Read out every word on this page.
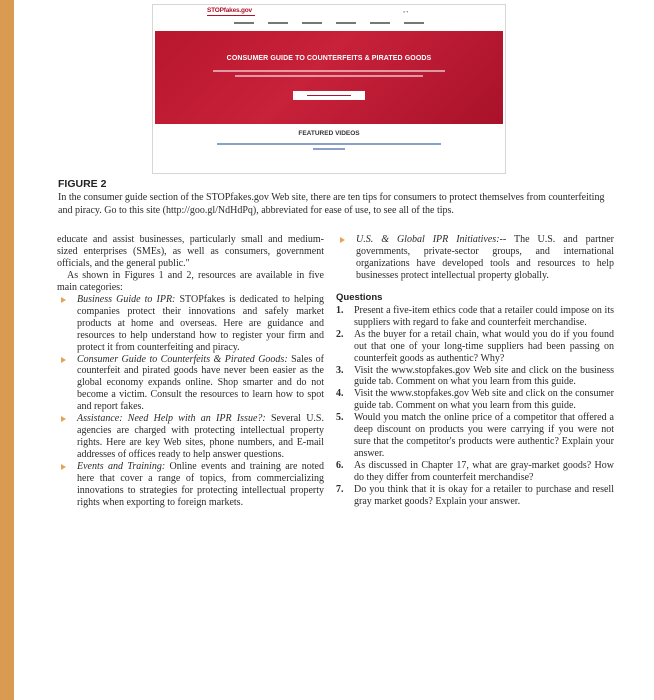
STOPfakes.gov	⌕ ▾
CONSUMER GUIDE TO COUNTERFEITS & PIRATED GOODS
FEATURED VIDEOS
FIGURE 2
In the consumer guide section of the STOPfakes.gov Web site, there are ten tips for consumers to protect themselves from counterfeiting and piracy. Go to this site (http://goo.gl/NdHdPq), abbreviated for ease of use, to see all of the tips.

educate and assist businesses, particularly small and medium-sized enterprises (SMEs), as well as consumers, government officials, and the general public."

As shown in Figures 1 and 2, resources are available in five main categories:

Business Guide to IPR: STOPfakes is dedicated to helping companies protect their innovations and safely market products at home and overseas. Here are guidance and resources to help understand how to register your firm and protect it from counterfeiting and piracy.

Consumer Guide to Counterfeits & Pirated Goods: Sales of counterfeit and pirated goods have never been easier as the global economy expands online. Shop smarter and do not become a victim. Consult the resources to learn how to spot and report fakes.

Assistance: Need Help with an IPR Issue?: Several U.S. agencies are charged with protecting intellectual property rights. Here are key Web sites, phone numbers, and E-mail addresses of offices ready to help answer questions.

Events and Training: Online events and training are noted here that cover a range of topics, from commercializing innovations to strategies for protecting intellectual property rights when exporting to foreign markets.

U.S. & Global IPR Initiatives:-- The U.S. and partner governments, private-sector groups, and international organizations have developed tools and resources to help businesses protect intellectual property globally.

Questions
1. Present a five-item ethics code that a retailer could impose on its suppliers with regard to fake and counterfeit merchandise.
2. As the buyer for a retail chain, what would you do if you found out that one of your long-time suppliers had been passing on counterfeit goods as authentic? Why?
3. Visit the www.stopfakes.gov Web site and click on the business guide tab. Comment on what you learn from this guide.
4. Visit the www.stopfakes.gov Web site and click on the consumer guide tab. Comment on what you learn from this guide.
5. Would you match the online price of a competitor that offered a deep discount on products you were carrying if you were not sure that the competitor's products were authentic? Explain your answer.
6. As discussed in Chapter 17, what are gray-market goods? How do they differ from counterfeit merchandise?
7. Do you think that it is okay for a retailer to purchase and resell gray market goods? Explain your answer.
